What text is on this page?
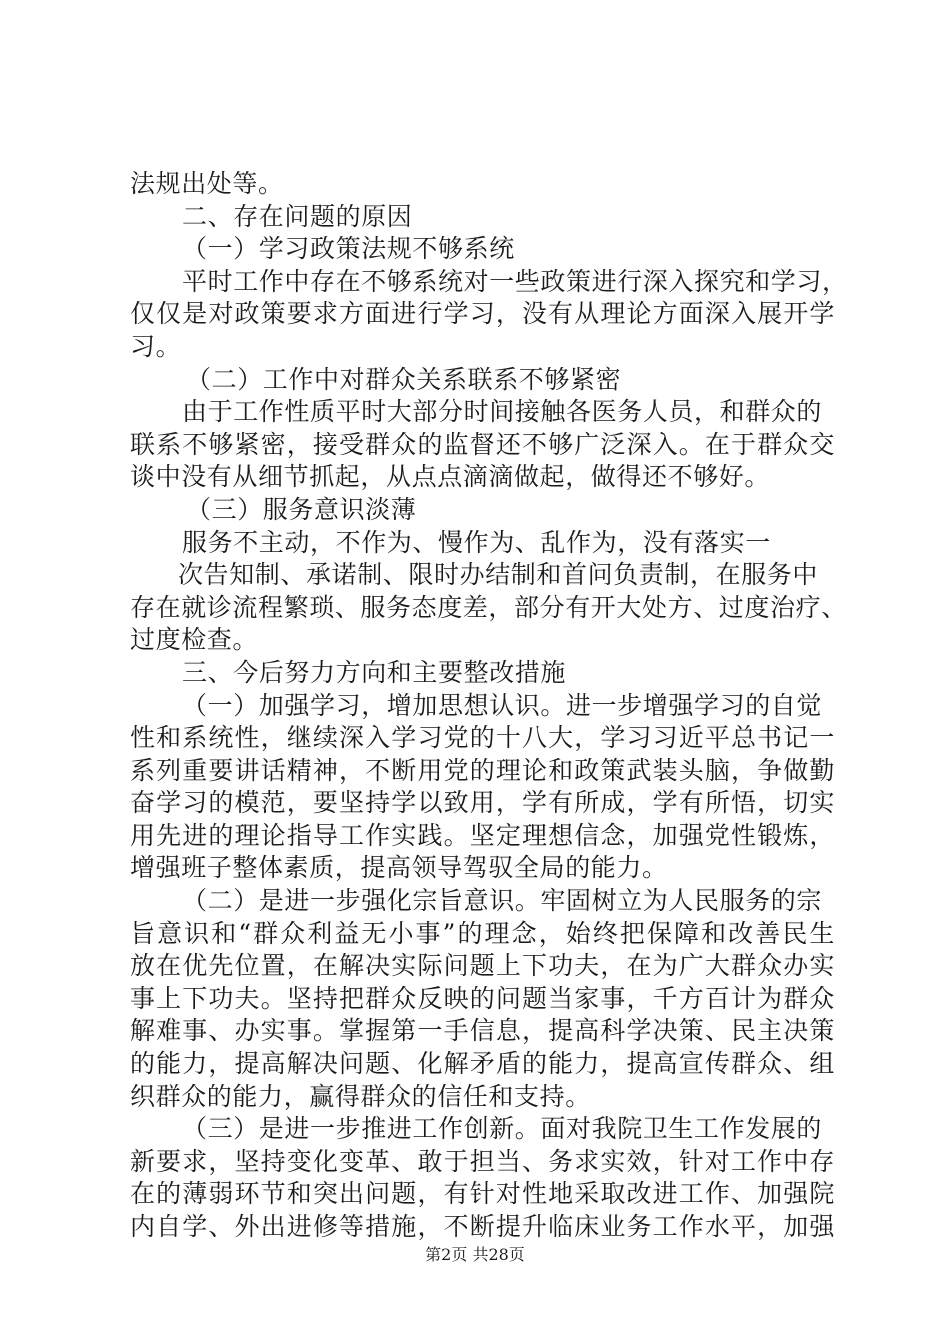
法规出处等。
二、存在问题的原因
（一）学习政策法规不够系统
平时工作中存在不够系统对一些政策进行深入探究和学习，
仅仅是对政策要求方面进行学习，没有从理论方面深入展开学
习。
（二）工作中对群众关系联系不够紧密
由于工作性质平时大部分时间接触各医务人员，和群众的
联系不够紧密，接受群众的监督还不够广泛深入。在于群众交
谈中没有从细节抓起，从点点滴滴做起，做得还不够好。
（三）服务意识淡薄
服务不主动，不作为、慢作为、乱作为，没有落实一
次告知制、承诺制、限时办结制和首问负责制，在服务中
存在就诊流程繁琐、服务态度差，部分有开大处方、过度治疗、
过度检查。
三、今后努力方向和主要整改措施
（一）加强学习，增加思想认识。进一步增强学习的自觉
性和系统性，继续深入学习党的十八大，学习习近平总书记一
系列重要讲话精神，不断用党的理论和政策武装头脑，争做勤
奋学习的模范，要坚持学以致用，学有所成，学有所悟，切实
用先进的理论指导工作实践。坚定理想信念，加强党性锻炼，
增强班子整体素质，提高领导驾驭全局的能力。
（二）是进一步强化宗旨意识。牢固树立为人民服务的宗
旨意识和“群众利益无小事”的理念，始终把保障和改善民生
放在优先位置，在解决实际问题上下功夫，在为广大群众办实
事上下功夫。坚持把群众反映的问题当家事，千方百计为群众
解难事、办实事。掌握第一手信息，提高科学决策、民主决策
的能力，提高解决问题、化解矛盾的能力，提高宣传群众、组
织群众的能力，赢得群众的信任和支持。
（三）是进一步推进工作创新。面对我院卫生工作发展的
新要求，坚持变化变革、敢于担当、务求实效，针对工作中存
在的薄弱环节和突出问题，有针对性地采取改进工作、加强院
内自学、外出进修等措施，不断提升临床业务工作水平，加强
第2页 共28页
